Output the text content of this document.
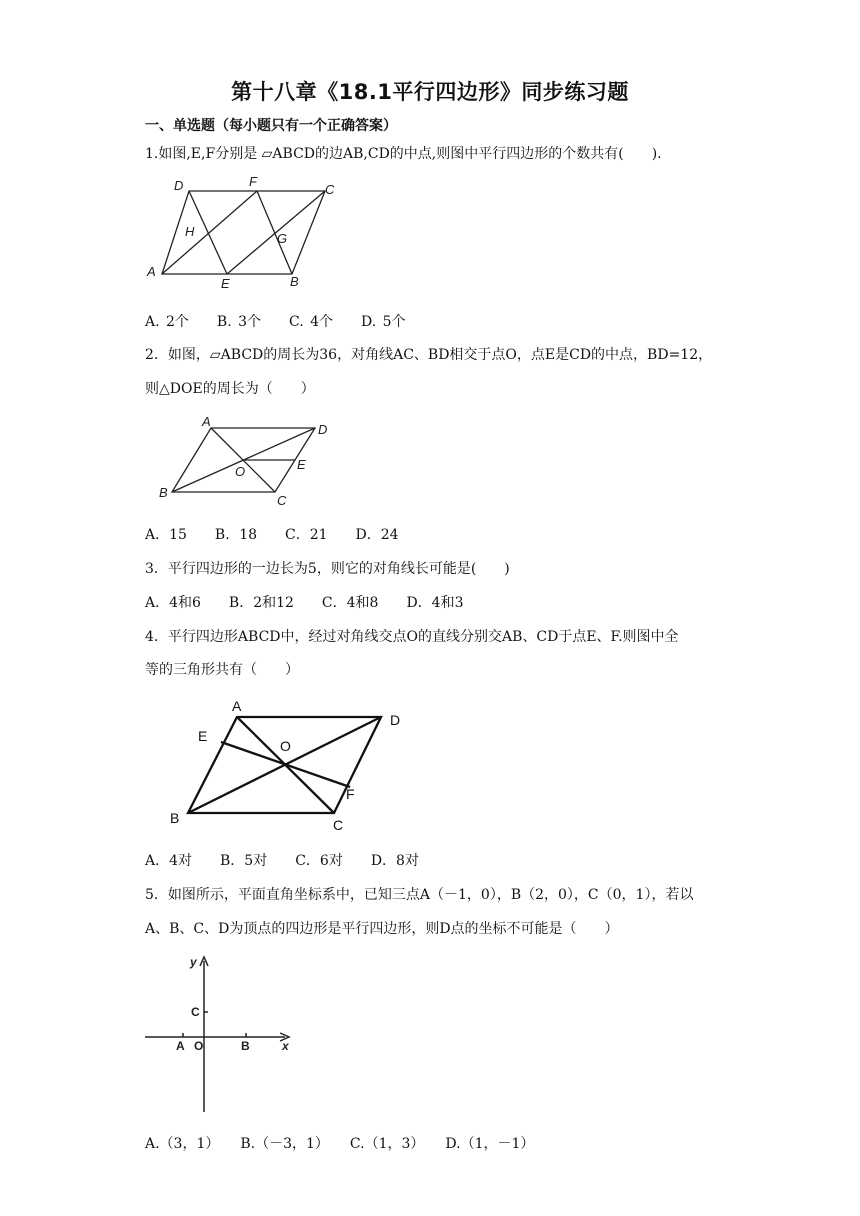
第十八章《18.1平行四边形》同步练习题
一、单选题（每小题只有一个正确答案）
1.如图,E,F分别是 ▱ABCD的边AB,CD的中点,则图中平行四边形的个数共有(　　).
D	F
C
H	G
A
E	B
A. 2个　　B. 3个　　C. 4个　　D. 5个
2．如图，▱ABCD的周长为36，对角线AC、BD相交于点O，点E是CD的中点，BD=12，
则△DOE的周长为（　　）
A
D
O	E
B
C
A．15　　B．18　　C．21　　D．24
3．平行四边形的一边长为5，则它的对角线长可能是(　　)
A．4和6　　B．2和12　　C．4和8　　D．4和3
4．平行四边形ABCD中，经过对角线交点O的直线分别交AB、CD于点E、F.则图中全
等的三角形共有（　　）
A
D
E
O
F
B	C
A．4对　　B．5对　　C．6对　　D．8对
5．如图所示，平面直角坐标系中，已知三点A（－1，0），B（2，0），C（0，1），若以
A、B、C、D为顶点的四边形是平行四边形，则D点的坐标不可能是（　　）
y
C
A O	B	x
A.（3，1）　　B.（－3，1）　　C.（1，3）　　D.（1，－1）
